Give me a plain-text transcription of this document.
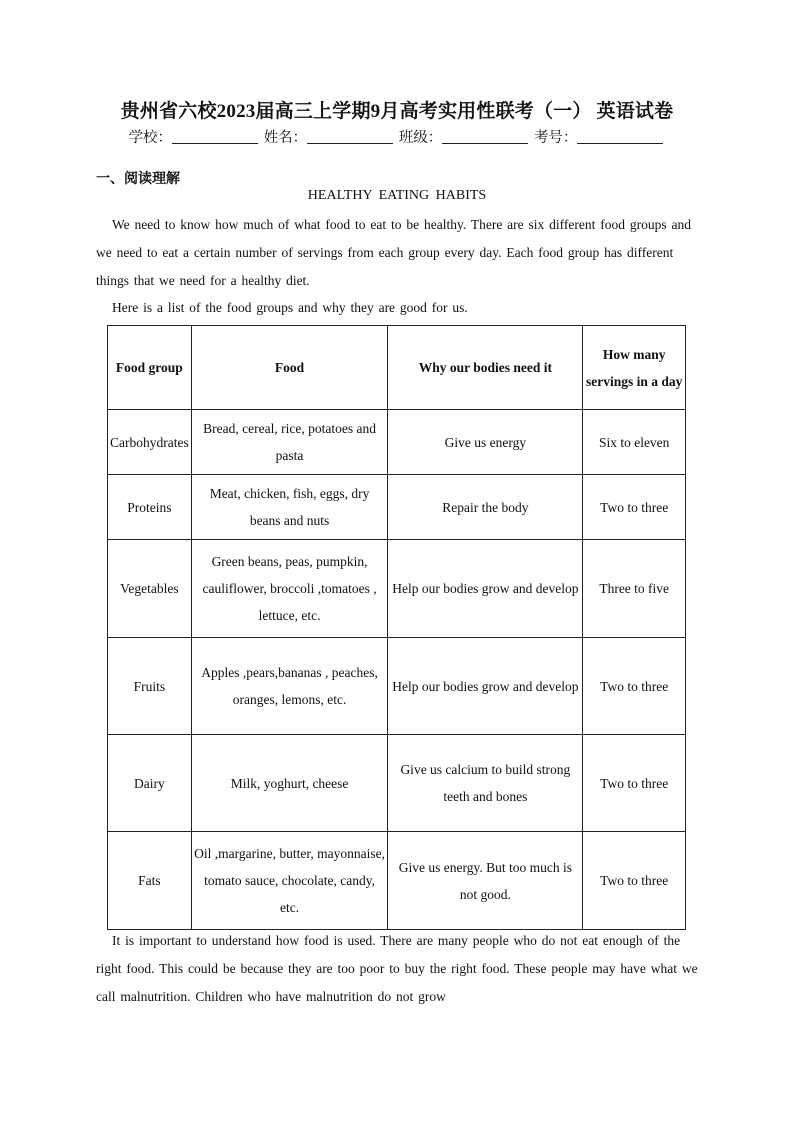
贵州省六校2023届高三上学期9月高考实用性联考（一） 英语试卷
学校：	姓名：	班级：	考号：
一、阅读理解
HEALTHY EATING HABITS
We need to know how much of what food to eat to be healthy. There are six different food groups and we need to eat a certain number of servings from each group every day. Each food group has different things that we need for a healthy diet.
Here is a list of the food groups and why they are good for us.
Food group	Food	Why our bodies need it	How many servings in a day
Carbohydrates	Bread, cereal, rice, potatoes and pasta	Give us energy	Six to eleven
Proteins	Meat, chicken, fish, eggs, dry beans and nuts	Repair the body	Two to three
Vegetables	Green beans, peas, pumpkin, cauliflower, broccoli ,tomatoes , lettuce, etc.	Help our bodies grow and develop	Three to five
Fruits	Apples ,pears,bananas , peaches, oranges, lemons, etc.	Help our bodies grow and develop	Two to three
Dairy	Milk, yoghurt, cheese	Give us calcium to build strong teeth and bones	Two to three
Fats	Oil ,margarine, butter, mayonnaise, tomato sauce, chocolate, candy, etc.	Give us energy. But too much is not good.	Two to three
It is important to understand how food is used. There are many people who do not eat enough of the right food. This could be because they are too poor to buy the right food. These people may have what we call malnutrition. Children who have malnutrition do not grow
